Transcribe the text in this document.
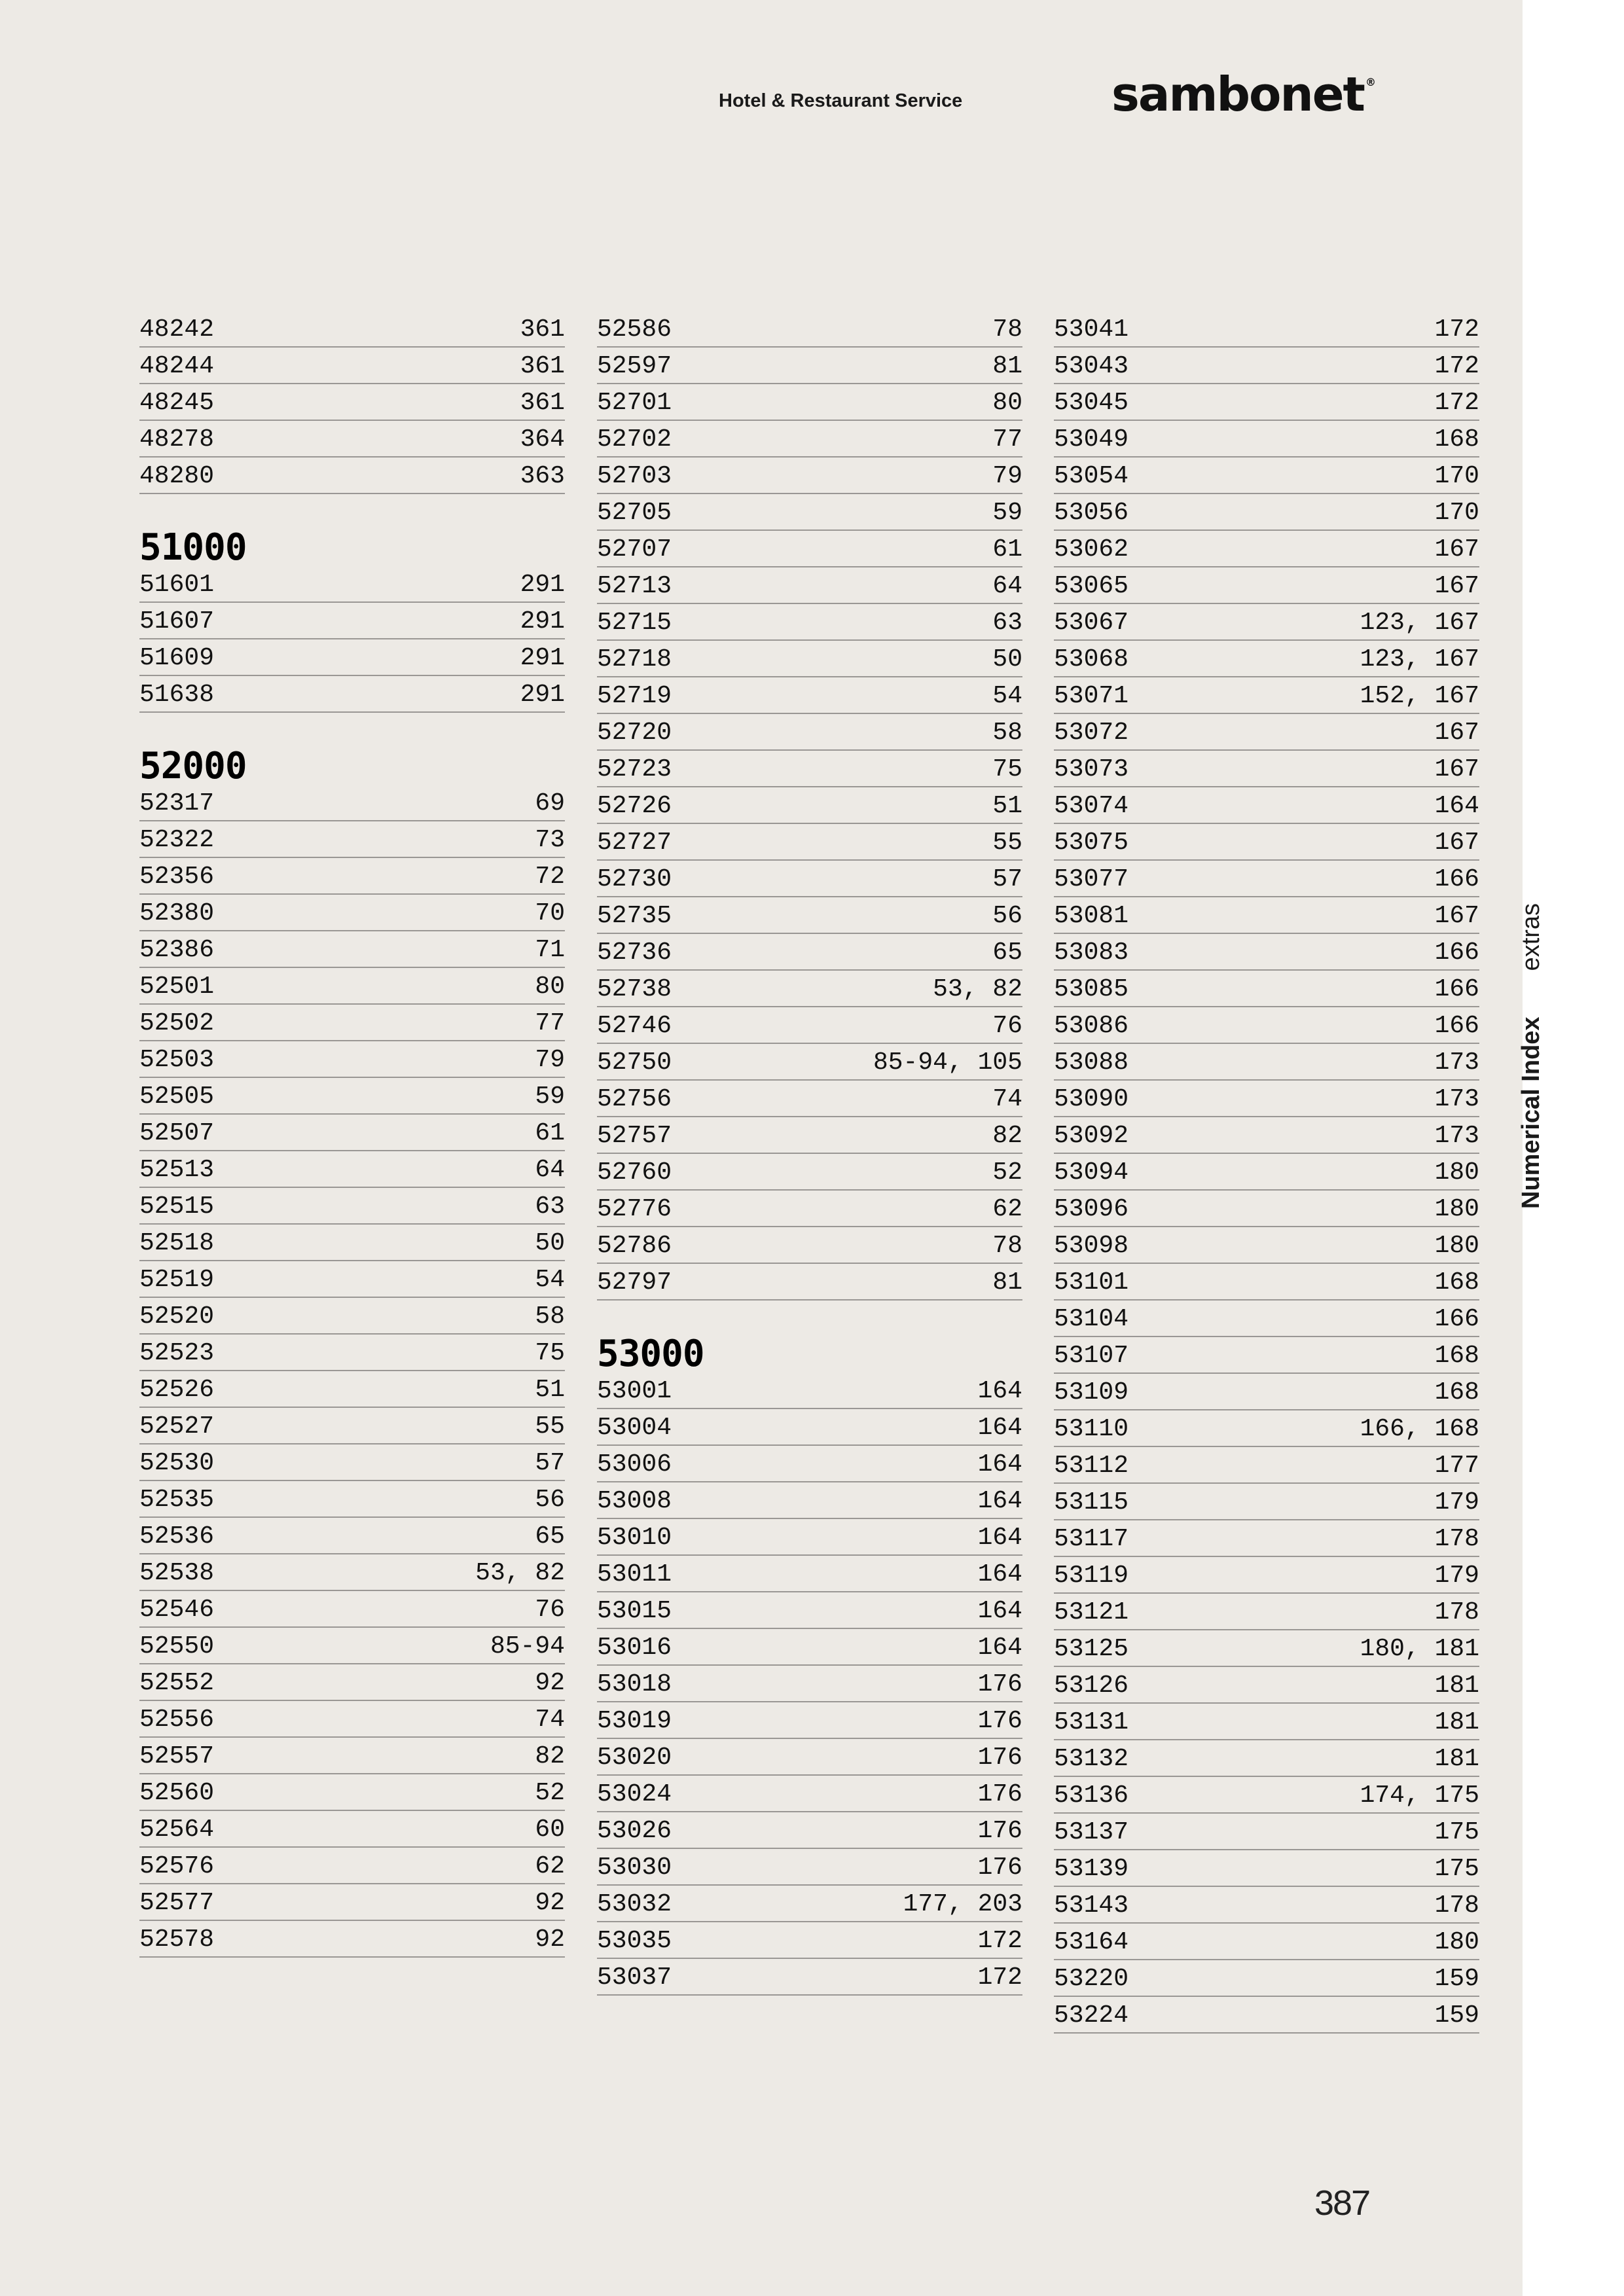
Hotel & Restaurant Service	sambonet ®
48242	361
48244	361
48245	361
48278	364
48280	363
51000
51601	291
51607	291
51609	291
51638	291
52000
52317	69
52322	73
52356	72
52380	70
52386	71
52501	80
52502	77
52503	79
52505	59
52507	61
52513	64
52515	63
52518	50
52519	54
52520	58
52523	75
52526	51
52527	55
52530	57
52535	56
52536	65
52538	53, 82
52546	76
52550	85-94
52552	92
52556	74
52557	82
52560	52
52564	60
52576	62
52577	92
52578	92
52586	78
52597	81
52701	80
52702	77
52703	79
52705	59
52707	61
52713	64
52715	63
52718	50
52719	54
52720	58
52723	75
52726	51
52727	55
52730	57
52735	56
52736	65
52738	53, 82
52746	76
52750	85-94, 105
52756	74
52757	82
52760	52
52776	62
52786	78
52797	81
53000
53001	164
53004	164
53006	164
53008	164
53010	164
53011	164
53015	164
53016	164
53018	176
53019	176
53020	176
53024	176
53026	176
53030	176
53032	177, 203
53035	172
53037	172
53041	172
53043	172
53045	172
53049	168
53054	170
53056	170
53062	167
53065	167
53067	123, 167
53068	123, 167
53071	152, 167
53072	167
53073	167
53074	164
53075	167
53077	166
53081	167
53083	166
53085	166
53086	166
53088	173
53090	173
53092	173
53094	180
53096	180
53098	180
53101	168
53104	166
53107	168
53109	168
53110	166, 168
53112	177
53115	179
53117	178
53119	179
53121	178
53125	180, 181
53126	181
53131	181
53132	181
53136	174, 175
53137	175
53139	175
53143	178
53164	180
53220	159
53224	159
387
Numerical Indexextras
